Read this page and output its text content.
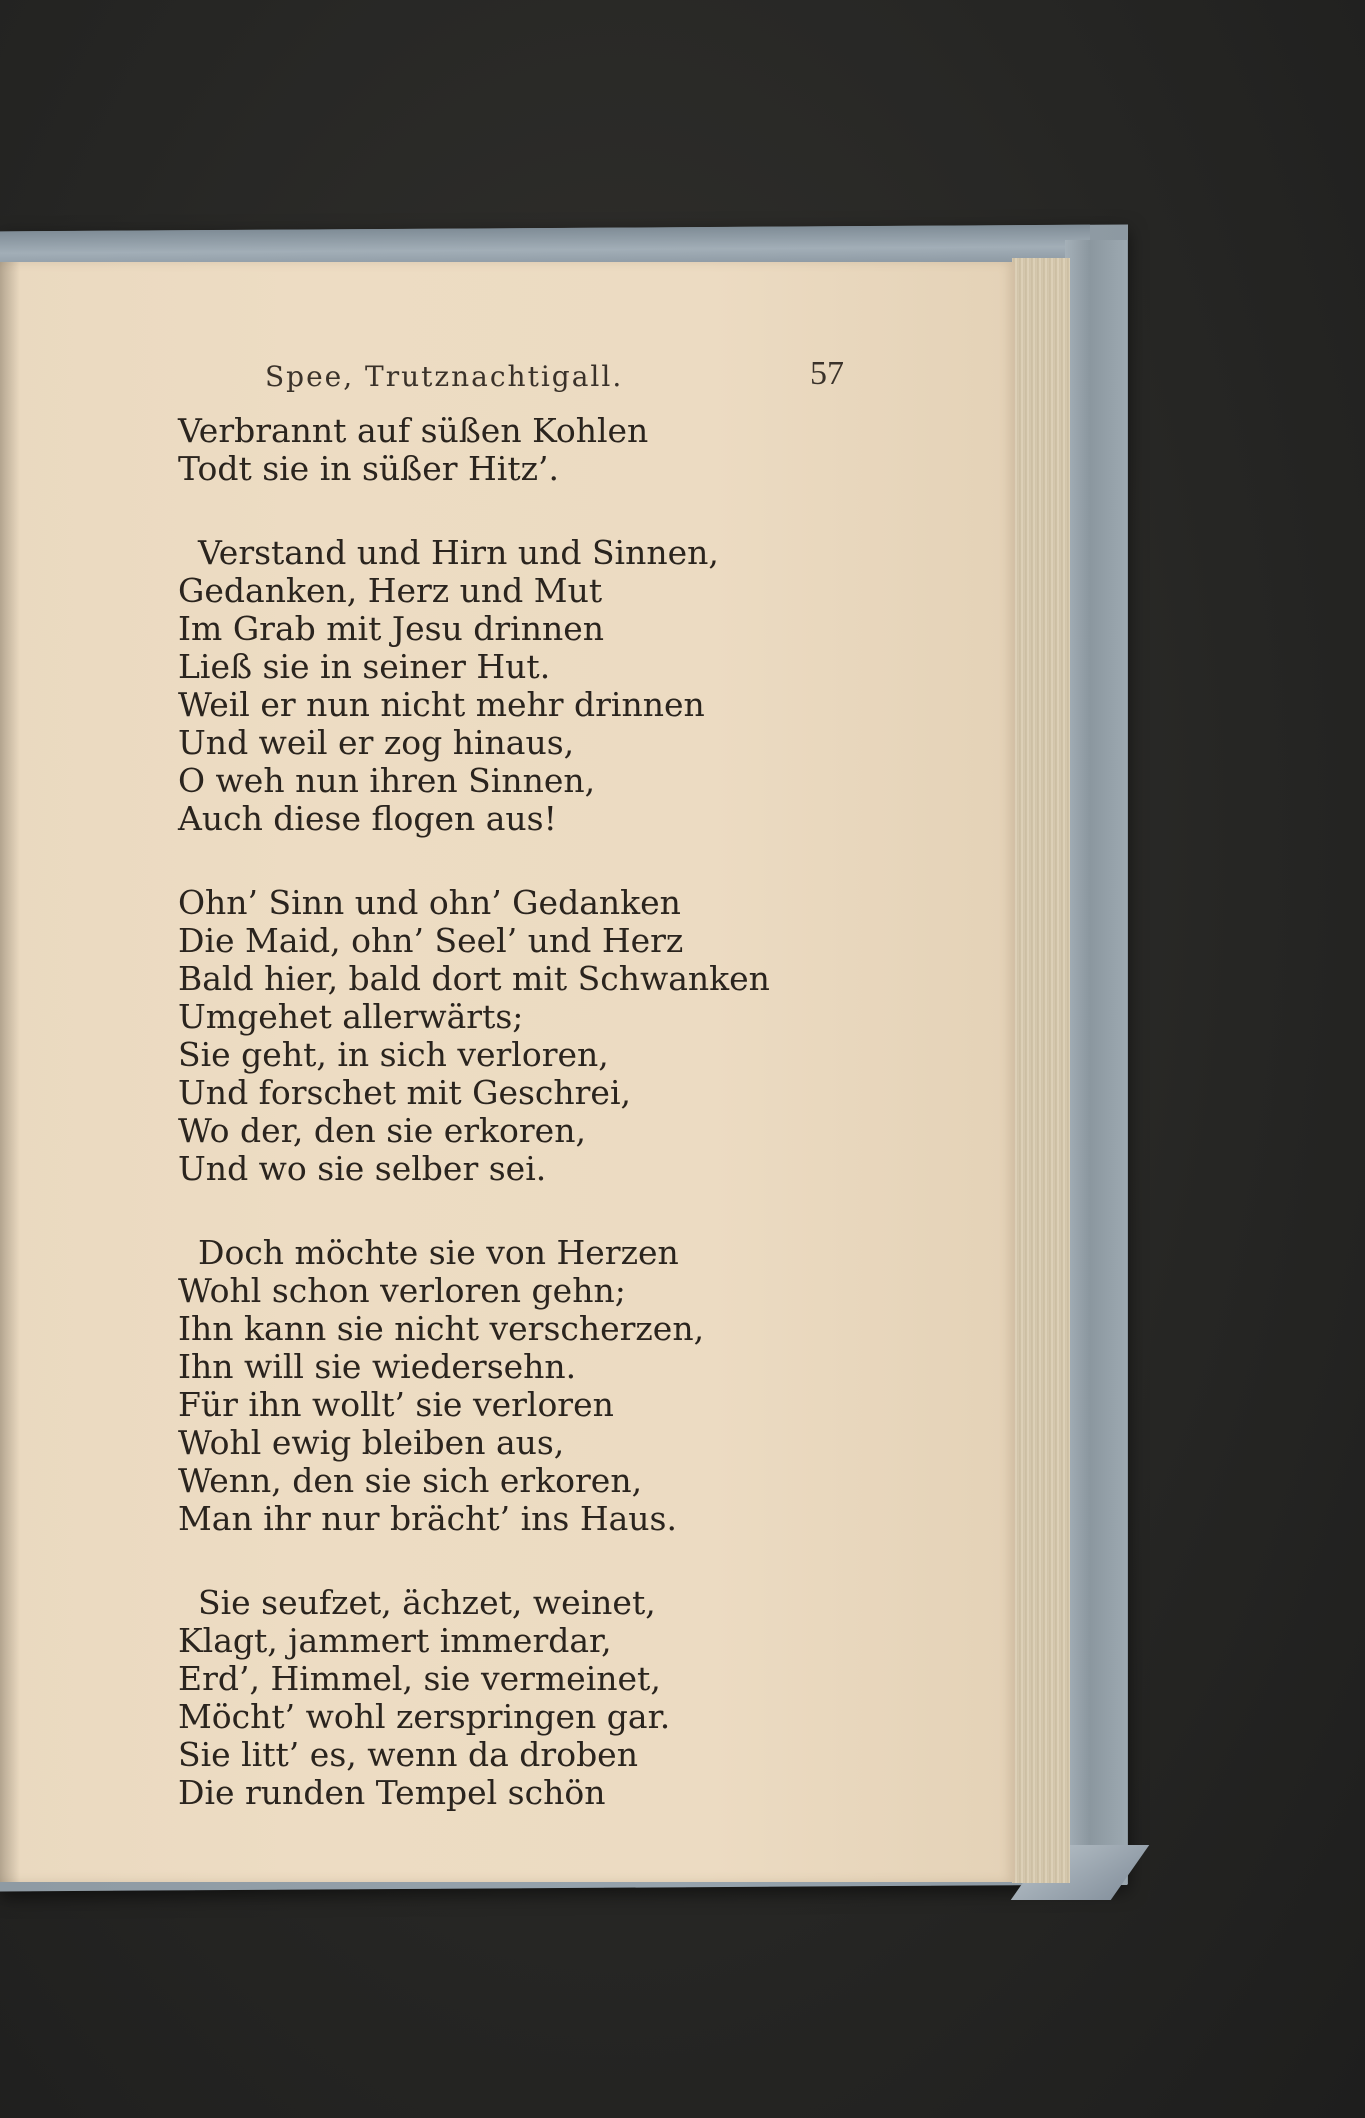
Spee, Trutznachtigall.	57
Verbrannt auf süßen Kohlen
Todt sie in süßer Hitz’.
Verstand und Hirn und Sinnen,
Gedanken, Herz und Mut
Im Grab mit Jesu drinnen
Ließ sie in seiner Hut.
Weil er nun nicht mehr drinnen
Und weil er zog hinaus,
O weh nun ihren Sinnen,
Auch diese flogen aus!
Ohn’ Sinn und ohn’ Gedanken
Die Maid, ohn’ Seel’ und Herz
Bald hier, bald dort mit Schwanken
Umgehet allerwärts;
Sie geht, in sich verloren,
Und forschet mit Geschrei,
Wo der, den sie erkoren,
Und wo sie selber sei.
Doch möchte sie von Herzen
Wohl schon verloren gehn;
Ihn kann sie nicht verscherzen,
Ihn will sie wiedersehn.
Für ihn wollt’ sie verloren
Wohl ewig bleiben aus,
Wenn, den sie sich erkoren,
Man ihr nur brächt’ ins Haus.
Sie seufzet, ächzet, weinet,
Klagt, jammert immerdar,
Erd’, Himmel, sie vermeinet,
Möcht’ wohl zerspringen gar.
Sie litt’ es, wenn da droben
Die runden Tempel schön
